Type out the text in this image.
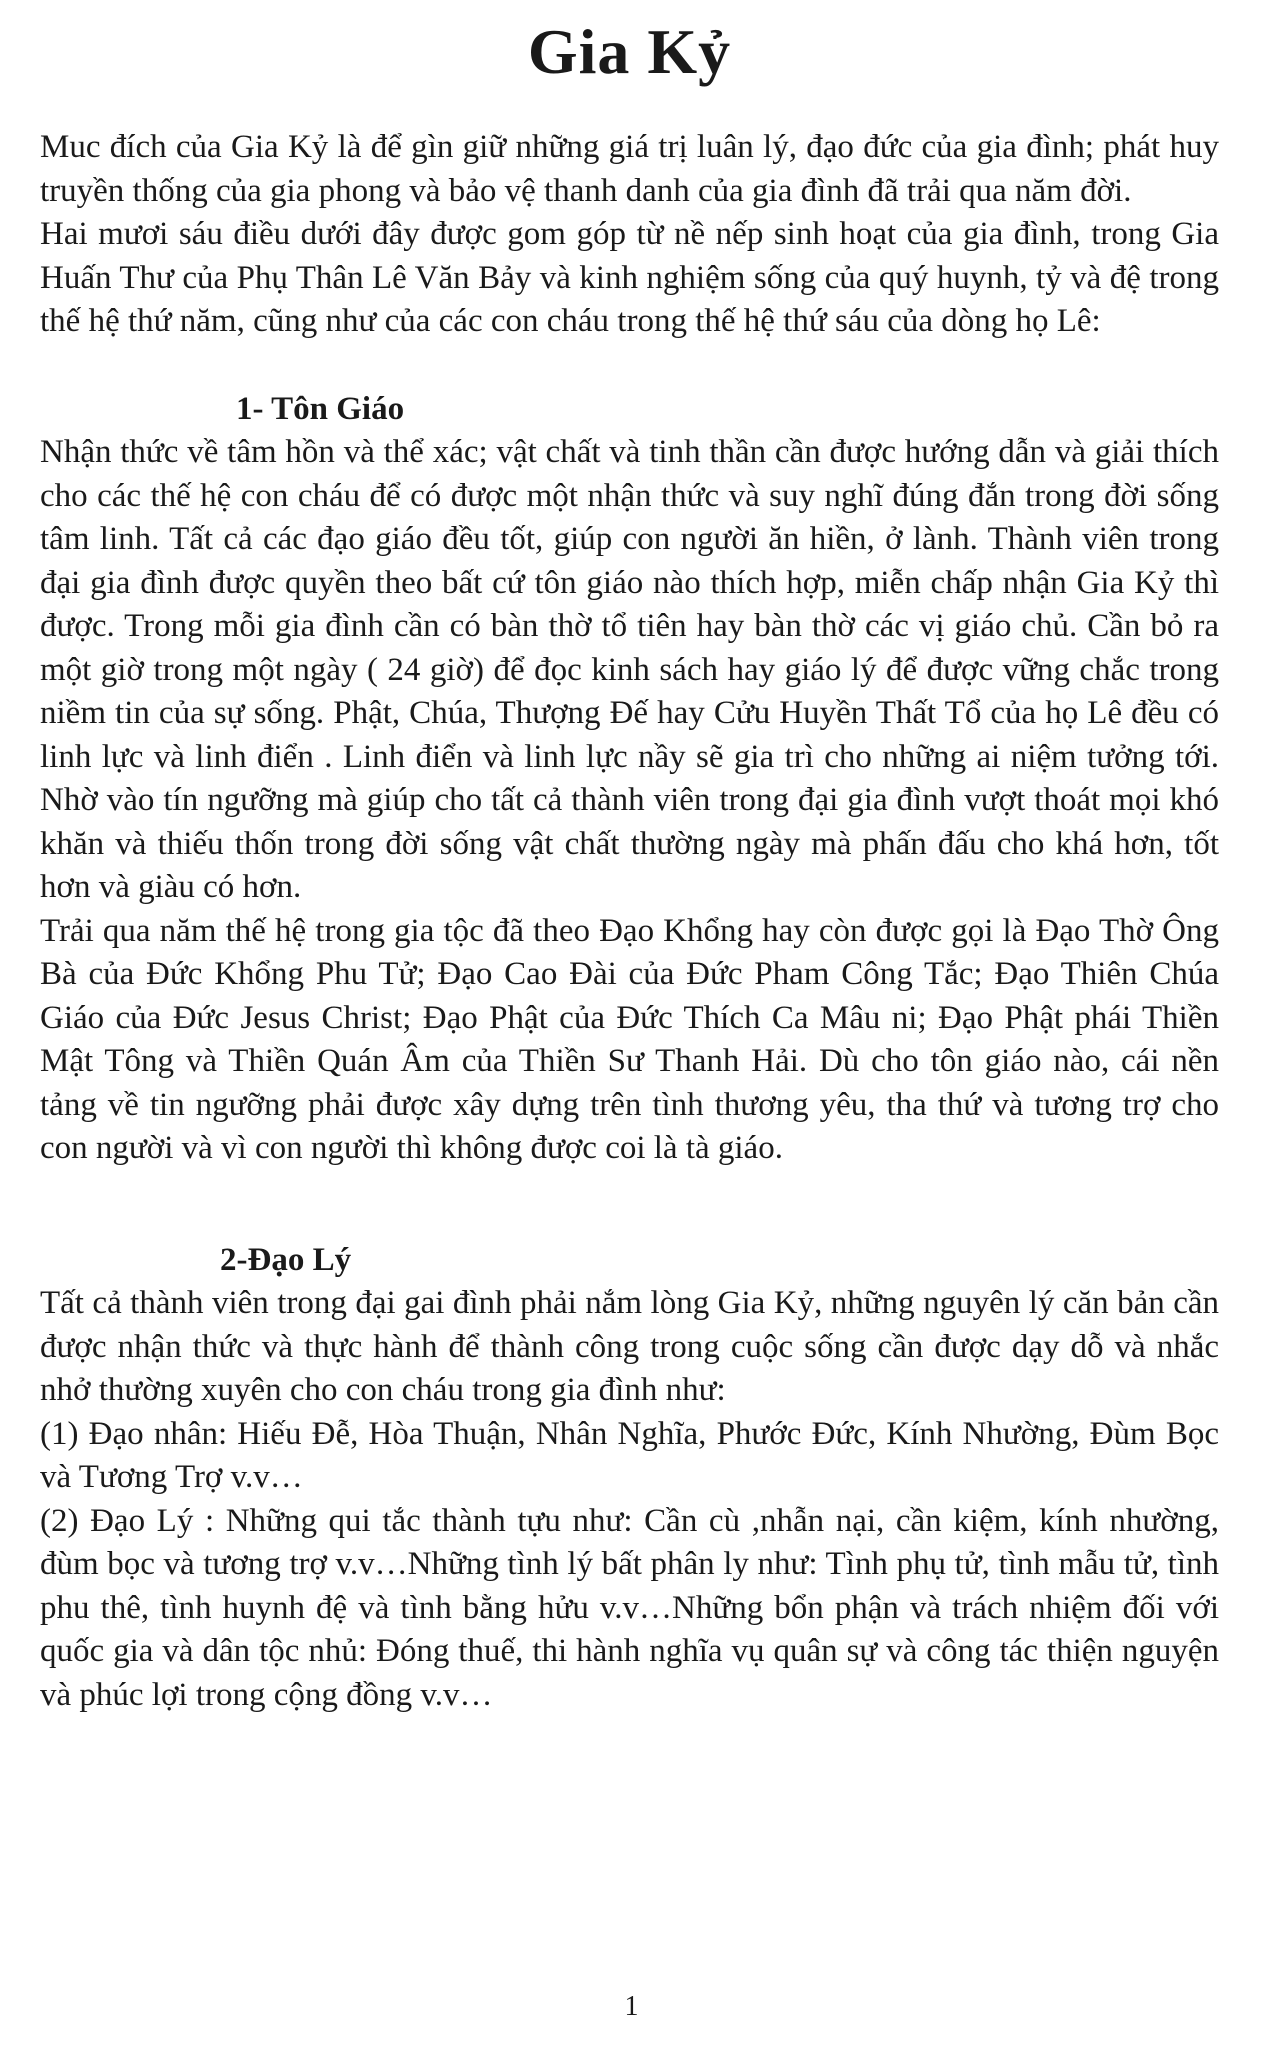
Gia Kỷ

Muc đích của Gia Kỷ là để gìn giữ những giá trị luân lý, đạo đức của gia đình; phát huy truyền thống của gia phong và bảo vệ thanh danh của gia đình đã trải qua năm đời.

Hai mươi sáu điều dưới đây được gom góp từ nề nếp sinh hoạt của gia đình, trong Gia Huấn Thư của Phụ Thân Lê Văn Bảy và kinh nghiệm sống của quý huynh, tỷ và đệ trong thế hệ thứ năm, cũng như của các con cháu trong thế hệ thứ sáu của dòng họ Lê:

1- Tôn Giáo

Nhận thức về tâm hồn và thể xác; vật chất và tinh thần cần được hướng dẫn và giải thích cho các thế hệ con cháu để có được một nhận thức và suy nghĩ đúng đắn trong đời sống tâm linh. Tất cả các đạo giáo đều tốt, giúp con người ăn hiền, ở lành. Thành viên trong đại gia đình được quyền theo bất cứ tôn giáo nào thích hợp, miễn chấp nhận Gia Kỷ thì được. Trong mỗi gia đình cần có bàn thờ tổ tiên hay bàn thờ các vị giáo chủ. Cần bỏ ra một giờ trong một ngày ( 24 giờ) để đọc kinh sách hay giáo lý để được vững chắc trong niềm tin của sự sống. Phật, Chúa, Thượng Đế hay Cửu Huyền Thất Tổ của họ Lê đều có linh lực và linh điển . Linh điển và linh lực nầy sẽ gia trì cho những ai niệm tưởng tới. Nhờ vào tín ngưỡng mà giúp cho tất cả thành viên trong đại gia đình vượt thoát mọi khó khăn và thiếu thốn trong đời sống vật chất thường ngày mà phấn đấu cho khá hơn, tốt hơn và giàu có hơn.

Trải qua năm thế hệ trong gia tộc đã theo Đạo Khổng hay còn được gọi là Đạo Thờ Ông Bà của Đức Khổng Phu Tử; Đạo Cao Đài của Đức Pham Công Tắc; Đạo Thiên Chúa Giáo của Đức Jesus Christ; Đạo Phật của Đức Thích Ca Mâu ni; Đạo Phật phái Thiền Mật Tông và Thiền Quán Âm của Thiền Sư Thanh Hải. Dù cho tôn giáo nào, cái nền tảng về tin ngưỡng phải được xây dựng trên tình thương yêu, tha thứ và tương trợ cho con người và vì con người thì không được coi là tà giáo.

2-Đạo Lý

Tất cả thành viên trong đại gai đình phải nắm lòng Gia Kỷ, những nguyên lý căn bản cần được nhận thức và thực hành để thành công trong cuộc sống cần được dạy dỗ và nhắc nhở thường xuyên cho con cháu trong gia đình như:

(1) Đạo nhân: Hiếu Đễ, Hòa Thuận, Nhân Nghĩa, Phước Đức, Kính Nhường, Đùm Bọc và Tương Trợ v.v…

(2) Đạo Lý : Những qui tắc thành tựu như: Cần cù ,nhẫn nại, cần kiệm, kính nhường, đùm bọc và tương trợ v.v…Những tình lý bất phân ly như: Tình phụ tử, tình mẫu tử, tình phu thê, tình huynh đệ và tình bằng hửu v.v…Những bổn phận và trách nhiệm đối với quốc gia và dân tộc nhủ: Đóng thuế, thi hành nghĩa vụ quân sự và công tác thiện nguyện và phúc lợi trong cộng đồng v.v…

1
